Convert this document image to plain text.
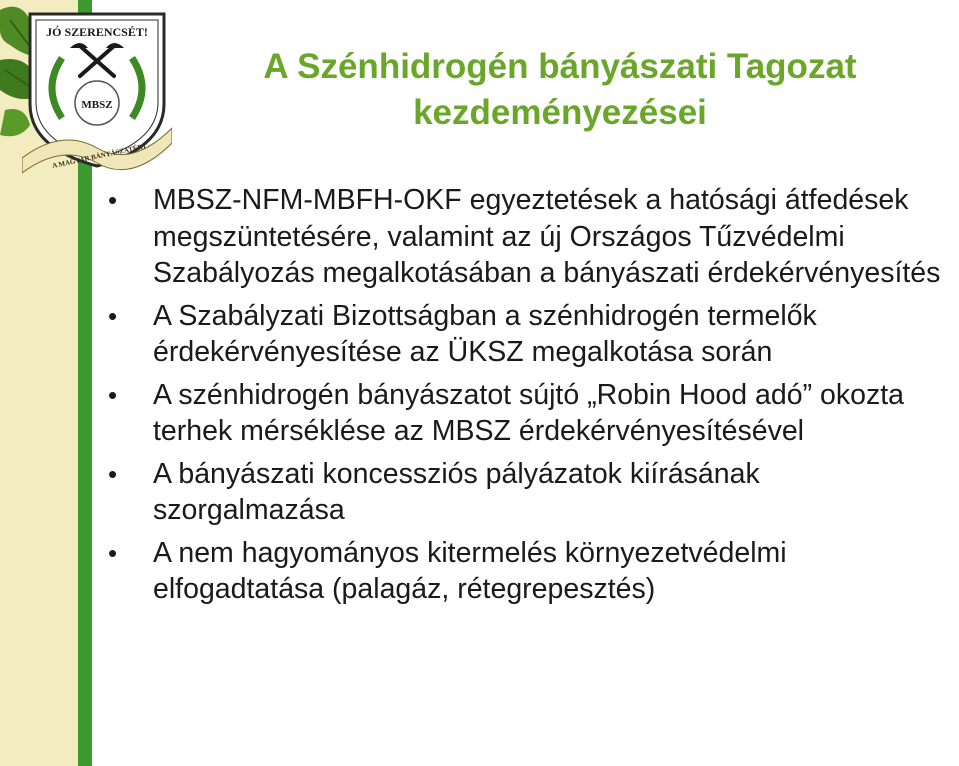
JÓ SZERENCSÉT!
MBSZ
A MAGYAR BÁNYÁSZATÉRT
A Szénhidrogén bányászati Tagozat
kezdeményezései
• MBSZ-NFM-MBFH-OKF egyeztetések a hatósági átfedések megszüntetésére, valamint az új Országos Tűzvédelmi Szabályozás megalkotásában a bányászati érdekérvényesítés
• A Szabályzati Bizottságban a szénhidrogén termelők érdekérvényesítése az ÜKSZ megalkotása során
• A szénhidrogén bányászatot sújtó „Robin Hood adó” okozta terhek mérséklése az MBSZ érdekérvényesítésével
• A bányászati koncessziós pályázatok kiírásának szorgalmazása
• A nem hagyományos kitermelés környezetvédelmi elfogadtatása (palagáz, rétegrepesztés)
